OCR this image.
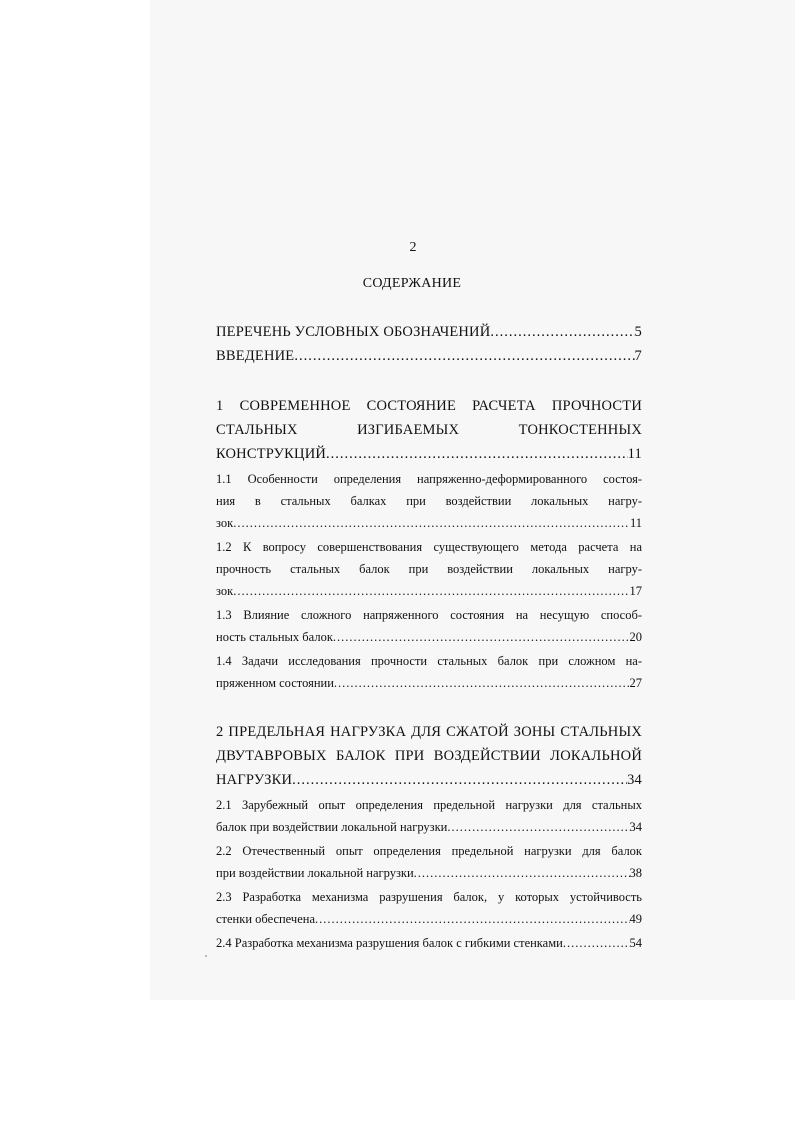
2
СОДЕРЖАНИЕ
ПЕРЕЧЕНЬ УСЛОВНЫХ ОБОЗНАЧЕНИЙ .....	5
ВВЕДЕНИЕ .....	7
1 СОВРЕМЕННОЕ СОСТОЯНИЕ РАСЧЕТА ПРОЧНОСТИ
СТАЛЬНЫХ ИЗГИБАЕМЫХ ТОНКОСТЕННЫХ
КОНСТРУКЦИЙ .....	11
1.1 Особенности определения напряженно-деформированного состоя-
ния в стальных балках при воздействии локальных нагру-
зок .....	11
1.2 К вопросу совершенствования существующего метода расчета на
прочность стальных балок при воздействии локальных нагру-
зок .....	17
1.3 Влияние сложного напряженного состояния на несущую способ-
ность стальных балок .....	20
1.4 Задачи исследования прочности стальных балок при сложном на-
пряженном состоянии .....	27
2 ПРЕДЕЛЬНАЯ НАГРУЗКА ДЛЯ СЖАТОЙ ЗОНЫ СТАЛЬНЫХ
ДВУТАВРОВЫХ БАЛОК ПРИ ВОЗДЕЙСТВИИ ЛОКАЛЬНОЙ
НАГРУЗКИ .....	34
2.1 Зарубежный опыт определения предельной нагрузки для стальных
балок при воздействии локальной нагрузки .....	34
2.2 Отечественный опыт определения предельной нагрузки для балок
при воздействии локальной нагрузки .....	38
2.3 Разработка механизма разрушения балок, у которых устойчивость
стенки обеспечена .....	49
2.4 Разработка механизма разрушения балок с гибкими стенками .....	54
